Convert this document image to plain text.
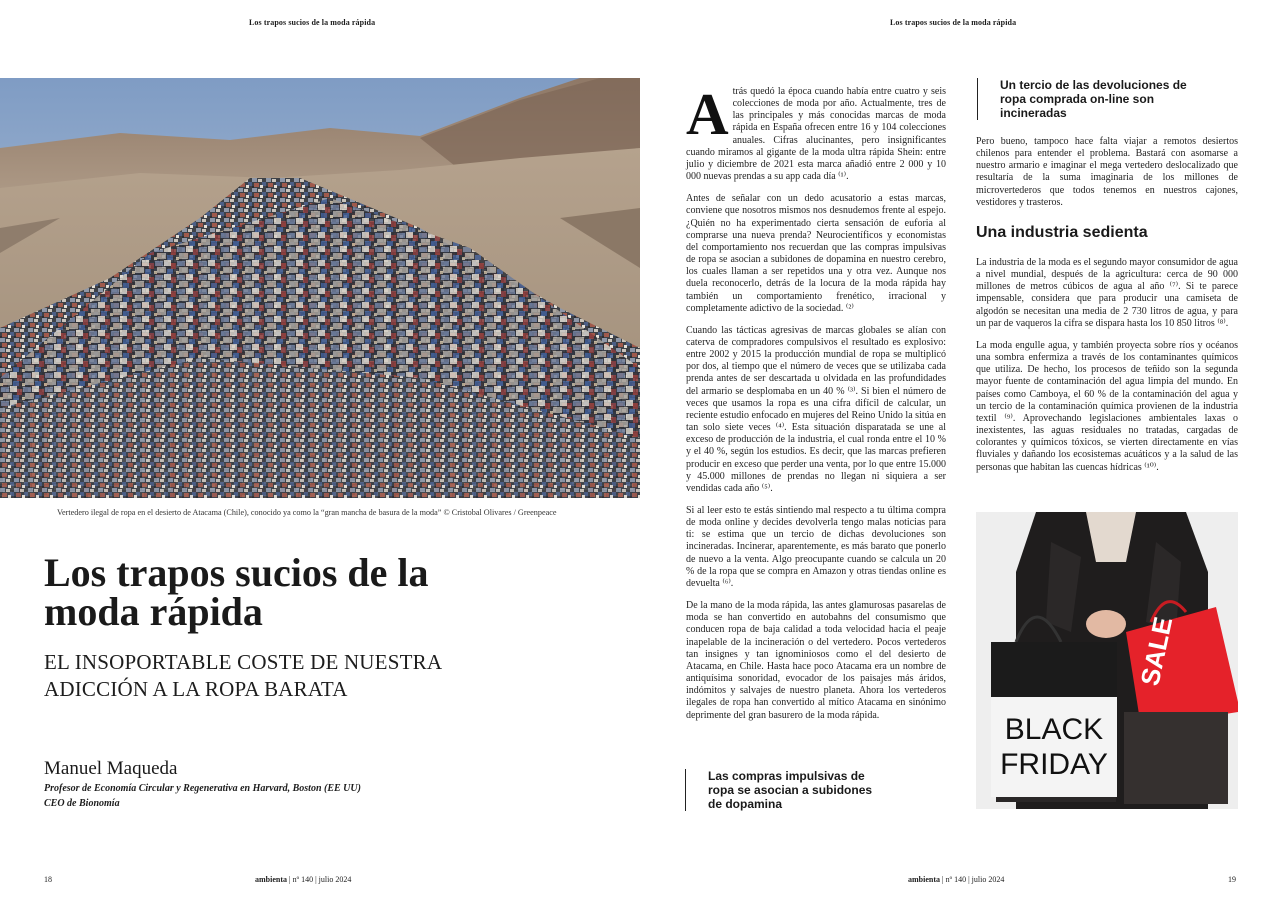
Los trapos sucios de la moda rápida	Los trapos sucios de la moda rápida
Vertedero ilegal de ropa en el desierto de Atacama (Chile), conocido ya como la “gran mancha de basura de la moda” © Cristobal Olivares / Greenpeace
Los trapos sucios de la
moda rápida
EL INSOPORTABLE COSTE DE NUESTRA
ADICCIÓN A LA ROPA BARATA
Manuel Maqueda
Profesor de Economía Circular y Regenerativa en Harvard, Boston (EE UU)
CEO de Bionomía

Atrás quedó la época cuando había entre cuatro y seis colecciones de moda por año. Actualmente, tres de las principales y más conocidas marcas de moda rápida en España ofrecen entre 16 y 104 colecciones anuales. Cifras alucinantes, pero insignificantes cuando miramos al gigante de la moda ultra rápida Shein: entre julio y diciembre de 2021 esta marca añadió entre 2 000 y 10 000 nuevas prendas a su app cada día ⁽¹⁾.

Antes de señalar con un dedo acusatorio a estas marcas, conviene que nosotros mismos nos desnudemos frente al espejo. ¿Quién no ha experimentado cierta sensación de euforia al comprarse una nueva prenda? Neurocientíficos y economistas del comportamiento nos recuerdan que las compras impulsivas de ropa se asocian a subidones de dopamina en nuestro cerebro, los cuales llaman a ser repetidos una y otra vez. Aunque nos duela reconocerlo, detrás de la locura de la moda rápida hay también un comportamiento frenético, irracional y completamente adictivo de la sociedad. ⁽²⁾

Cuando las tácticas agresivas de marcas globales se alían con caterva de compradores compulsivos el resultado es explosivo: entre 2002 y 2015 la producción mundial de ropa se multiplicó por dos, al tiempo que el número de veces que se utilizaba cada prenda antes de ser descartada u olvidada en las profundidades del armario se desplomaba en un 40 % ⁽³⁾. Si bien el número de veces que usamos la ropa es una cifra difícil de calcular, un reciente estudio enfocado en mujeres del Reino Unido la sitúa en tan solo siete veces ⁽⁴⁾. Esta situación disparatada se une al exceso de producción de la industria, el cual ronda entre el 10 % y el 40 %, según los estudios. Es decir, que las marcas prefieren producir en exceso que perder una venta, por lo que entre 15.000 y 45.000 millones de prendas no llegan ni siquiera a ser vendidas cada año ⁽⁵⁾.

Si al leer esto te estás sintiendo mal respecto a tu última compra de moda online y decides devolverla tengo malas noticias para ti: se estima que un tercio de dichas devoluciones son incineradas. Incinerar, aparentemente, es más barato que ponerlo de nuevo a la venta. Algo preocupante cuando se calcula un 20 % de la ropa que se compra en Amazon y otras tiendas online es devuelta ⁽⁶⁾.

De la mano de la moda rápida, las antes glamurosas pasarelas de moda se han convertido en autobahns del consumismo que conducen ropa de baja calidad a toda velocidad hacia el peaje inapelable de la incineración o del vertedero. Pocos vertederos tan insignes y tan ignominiosos como el del desierto de Atacama, en Chile. Hasta hace poco Atacama era un nombre de antiquísima sonoridad, evocador de los paisajes más áridos, indómitos y salvajes de nuestro planeta. Ahora los vertederos ilegales de ropa han convertido al mítico Atacama en sinónimo deprimente del gran basurero de la moda rápida.

Las compras impulsivas de ropa se asocian a subidones de dopamina
Un tercio de las devoluciones de ropa comprada on-line son incineradas

Pero bueno, tampoco hace falta viajar a remotos desiertos chilenos para entender el problema. Bastará con asomarse a nuestro armario e imaginar el mega vertedero deslocalizado que resultaría de la suma imaginaria de los millones de microvertederos que todos tenemos en nuestros cajones, vestidores y trasteros.

Una industria sedienta

La industria de la moda es el segundo mayor consumidor de agua a nivel mundial, después de la agricultura: cerca de 90 000 millones de metros cúbicos de agua al año ⁽⁷⁾. Si te parece impensable, considera que para producir una camiseta de algodón se necesitan una media de 2 730 litros de agua, y para un par de vaqueros la cifra se dispara hasta los 10 850 litros ⁽⁸⁾.

La moda engulle agua, y también proyecta sobre ríos y océanos una sombra enfermiza a través de los contaminantes químicos que utiliza. De hecho, los procesos de teñido son la segunda mayor fuente de contaminación del agua limpia del mundo. En países como Camboya, el 60 % de la contaminación del agua y un tercio de la contaminación química provienen de la industria textil ⁽⁹⁾. Aprovechando legislaciones ambientales laxas o inexistentes, las aguas residuales no tratadas, cargadas de colorantes y químicos tóxicos, se vierten directamente en vías fluviales y dañando los ecosistemas acuáticos y a la salud de las personas que habitan las cuencas hídricas ⁽¹⁰⁾.

BLACK
FRIDAY
SALE
18	ambienta | nº 140 | julio 2024	ambienta | nº 140 | julio 2024	19
